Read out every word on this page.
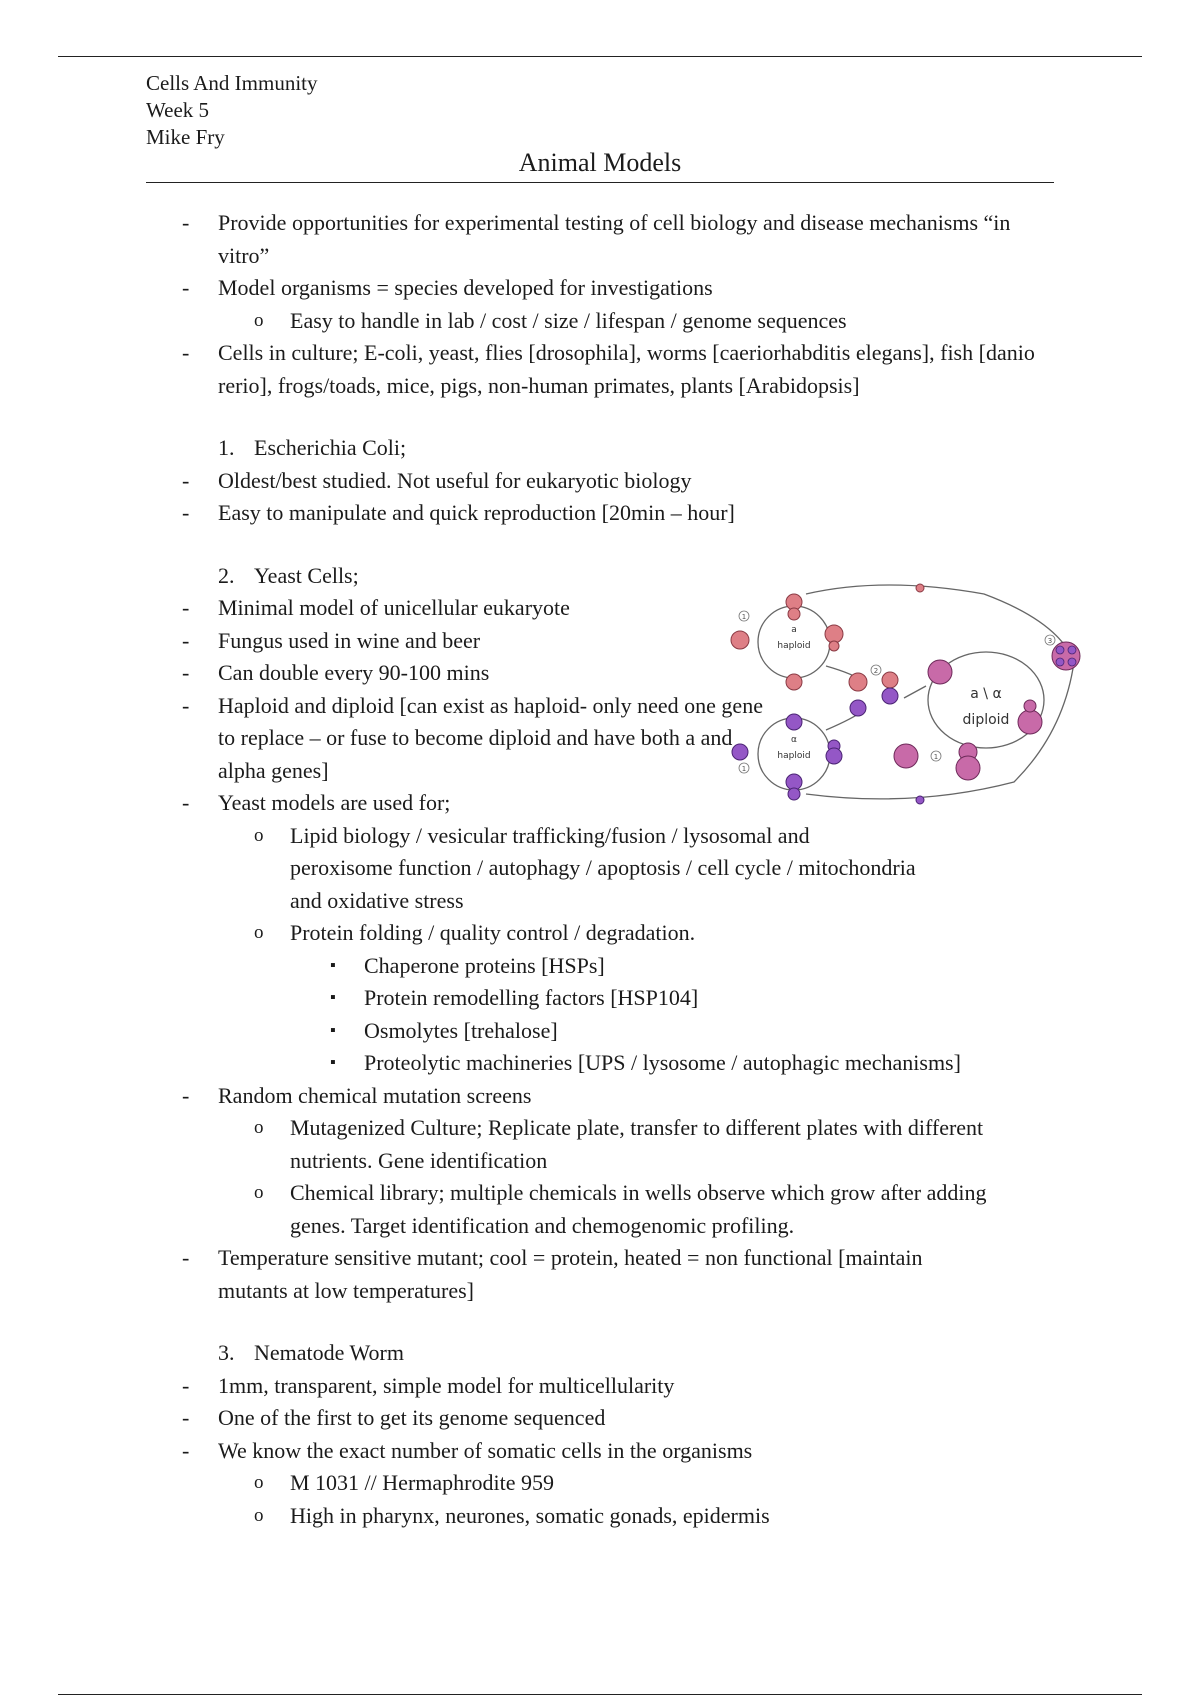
Cells And Immunity
Week 5
Mike Fry
Animal Models
- Provide opportunities for experimental testing of cell biology and disease mechanisms “in vitro”
- Model organisms = species developed for investigations
o Easy to handle in lab / cost / size / lifespan / genome sequences
- Cells in culture; E-coli, yeast, flies [drosophila], worms [caeriorhabditis elegans], fish [danio rerio], frogs/toads, mice, pigs, non-human primates, plants [Arabidopsis]
1. Escherichia Coli;
- Oldest/best studied. Not useful for eukaryotic biology
- Easy to manipulate and quick reproduction [20min – hour]
2. Yeast Cells;
- Minimal model of unicellular eukaryote
- Fungus used in wine and beer
- Can double every 90-100 mins
- Haploid and diploid [can exist as haploid- only need one gene to replace – or fuse to become diploid and have both a and alpha genes]
- Yeast models are used for;
o Lipid biology / vesicular trafficking/fusion / lysosomal and peroxisome function / autophagy / apoptosis / cell cycle / mitochondria and oxidative stress
o Protein folding / quality control / degradation.
▪ Chaperone proteins [HSPs]
▪ Protein remodelling factors [HSP104]
▪ Osmolytes [trehalose]
▪ Proteolytic machineries [UPS / lysosome / autophagic mechanisms]
- Random chemical mutation screens
o Mutagenized Culture; Replicate plate, transfer to different plates with different nutrients. Gene identification
o Chemical library; multiple chemicals in wells observe which grow after adding genes. Target identification and chemogenomic profiling.
- Temperature sensitive mutant; cool = protein, heated = non functional [maintain mutants at low temperatures]
3. Nematode Worm
- 1mm, transparent, simple model for multicellularity
- One of the first to get its genome sequenced
- We know the exact number of somatic cells in the organisms
o M 1031 // Hermaphrodite 959
o High in pharynx, neurones, somatic gonads, epidermis
1
1
2
3
1
a
haploid
α
haploid
a \ α
diploid
